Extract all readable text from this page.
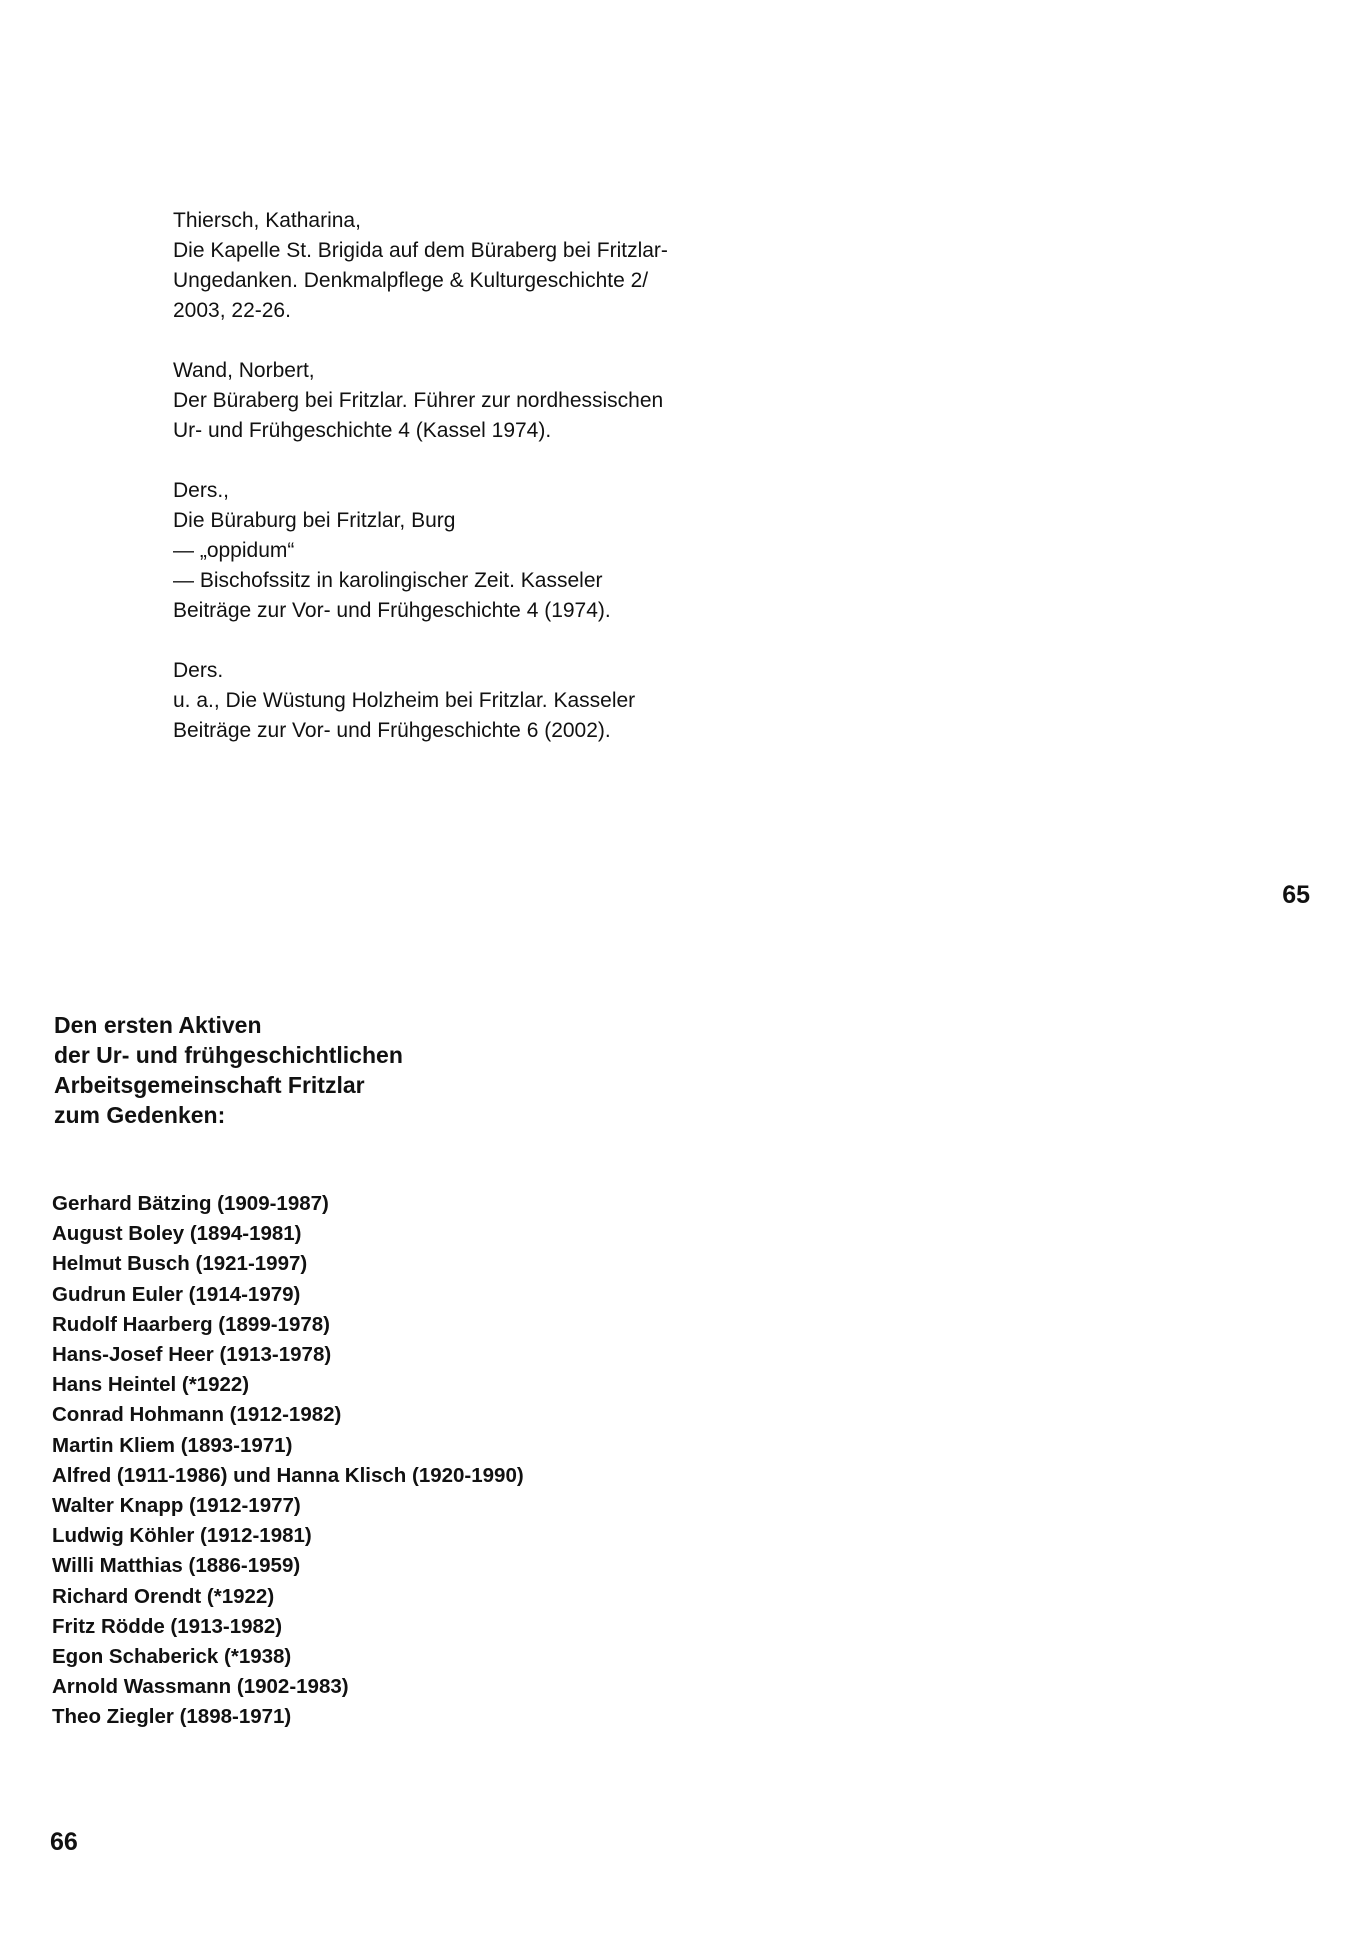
Thiersch, Katharina,
Die Kapelle St. Brigida auf dem Büraberg bei Fritzlar-
Ungedanken. Denkmalpflege & Kulturgeschichte 2/
2003, 22-26.
Wand, Norbert,
Der Büraberg bei Fritzlar. Führer zur nordhessischen
Ur- und Frühgeschichte 4 (Kassel 1974).
Ders.,
Die Büraburg bei Fritzlar, Burg
— „oppidum“
— Bischofssitz in karolingischer Zeit. Kasseler
Beiträge zur Vor- und Frühgeschichte 4 (1974).
Ders.
u. a., Die Wüstung Holzheim bei Fritzlar. Kasseler
Beiträge zur Vor- und Frühgeschichte 6 (2002).
65
Den ersten Aktiven
der Ur- und frühgeschichtlichen
Arbeitsgemeinschaft Fritzlar
zum Gedenken:
Gerhard Bätzing (1909-1987)
August Boley (1894-1981)
Helmut Busch (1921-1997)
Gudrun Euler (1914-1979)
Rudolf Haarberg (1899-1978)
Hans-Josef Heer (1913-1978)
Hans Heintel (*1922)
Conrad Hohmann (1912-1982)
Martin Kliem (1893-1971)
Alfred (1911-1986) und Hanna Klisch (1920-1990)
Walter Knapp (1912-1977)
Ludwig Köhler (1912-1981)
Willi Matthias (1886-1959)
Richard Orendt (*1922)
Fritz Rödde (1913-1982)
Egon Schaberick (*1938)
Arnold Wassmann (1902-1983)
Theo Ziegler (1898-1971)
66
